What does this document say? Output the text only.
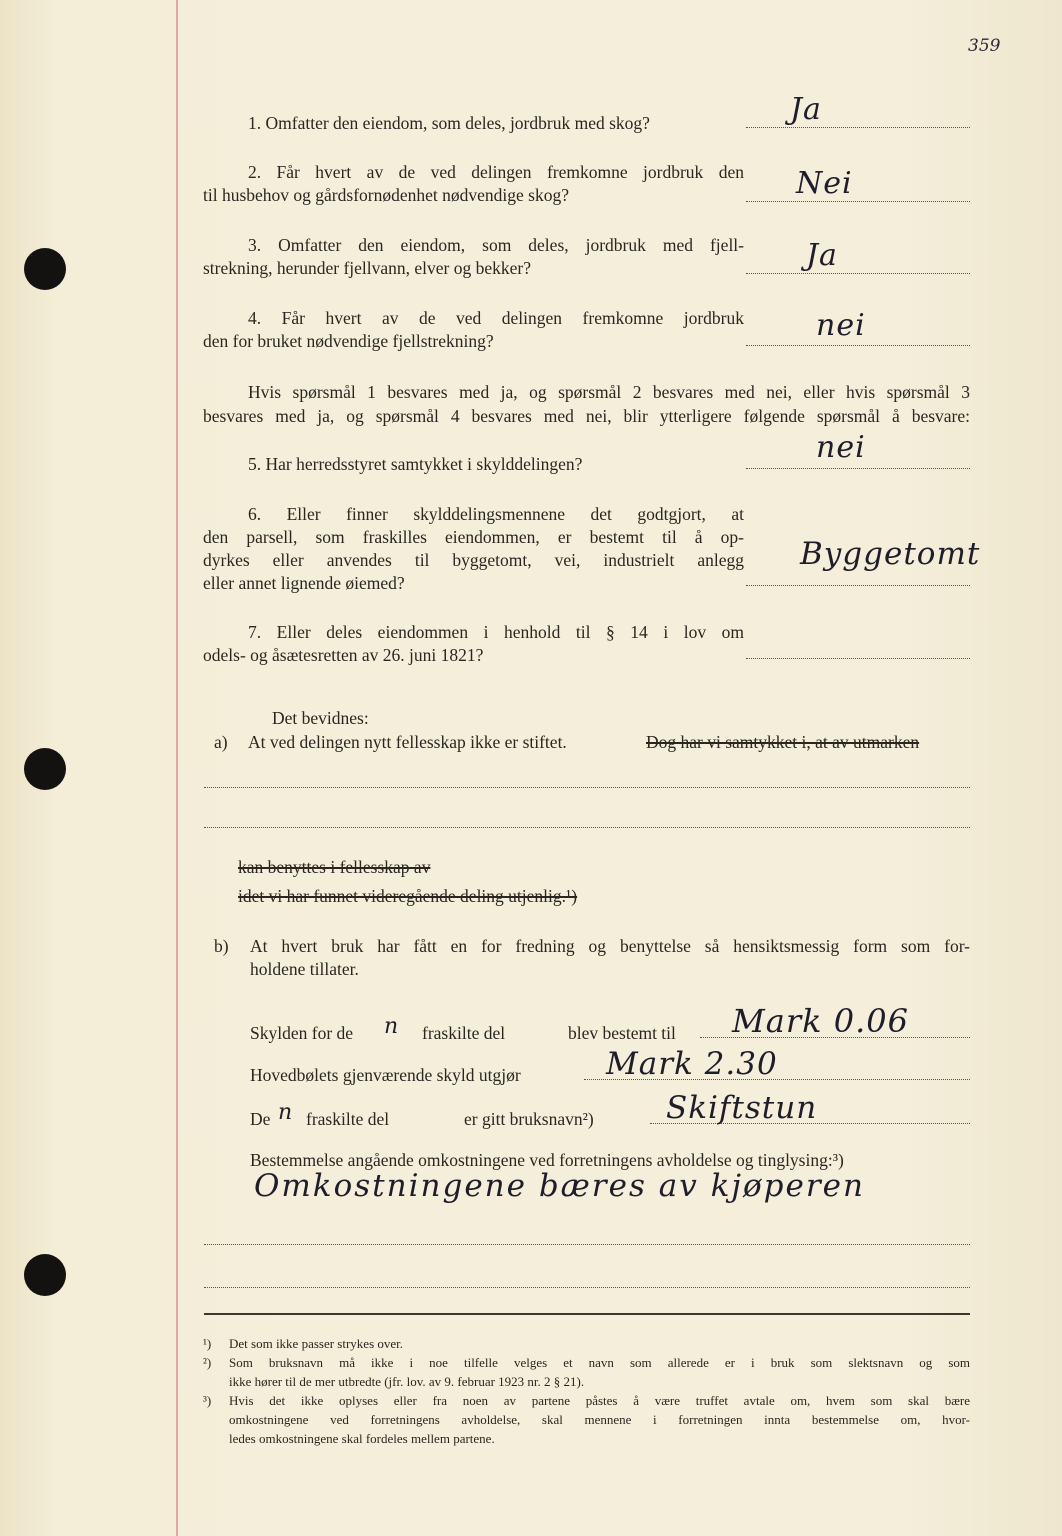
359
1. Omfatter den eiendom, som deles, jordbruk med skog?	Ja
2. Får hvert av de ved delingen fremkomne jordbruk den
til husbehov og gårdsfornødenhet nødvendige skog?	Nei
3. Omfatter den eiendom, som deles, jordbruk med fjell-
strekning, herunder fjellvann, elver og bekker?	Ja
4. Får hvert av de ved delingen fremkomne jordbruk
den for bruket nødvendige fjellstrekning?	nei
Hvis spørsmål 1 besvares med ja, og spørsmål 2 besvares med nei, eller hvis spørsmål 3
besvares med ja, og spørsmål 4 besvares med nei, blir ytterligere følgende spørsmål å besvare:
5. Har herredsstyret samtykket i skylddelingen?	nei
6. Eller finner skylddelingsmennene det godtgjort, at
den parsell, som fraskilles eiendommen, er bestemt til å op-
dyrkes eller anvendes til byggetomt, vei, industrielt anlegg
eller annet lignende øiemed?
Byggetomt
7. Eller deles eiendommen i henhold til § 14 i lov om
odels- og åsætesretten av 26. juni 1821?
Det bevidnes:
a) At ved delingen nytt fellesskap ikke er stiftet.	Dog har vi samtykket i, at av utmarken
kan benyttes i fellesskap av
idet vi har funnet videregående deling utjenlig.¹)
b) At hvert bruk har fått en for fredning og benyttelse så hensiktsmessig form som for-
holdene tillater.
Skylden for de n fraskilte del	blev bestemt til Mark 0.06
Hovedbølets gjenværende skyld utgjør	Mark 2.30
De n fraskilte del	er gitt bruksnavn²) Skiftstun
Bestemmelse angående omkostningene ved forretningens avholdelse og tinglysing:³)
Omkostningene bæres av kjøperen
¹) Det som ikke passer strykes over.
²) Som bruksnavn må ikke i noe tilfelle velges et navn som allerede er i bruk som slektsnavn og som
ikke hører til de mer utbredte (jfr. lov. av 9. februar 1923 nr. 2 § 21).
³) Hvis det ikke oplyses eller fra noen av partene påstes å være truffet avtale om, hvem som skal bære
omkostningene ved forretningens avholdelse, skal mennene i forretningen innta bestemmelse om, hvor-
ledes omkostningene skal fordeles mellem partene.
